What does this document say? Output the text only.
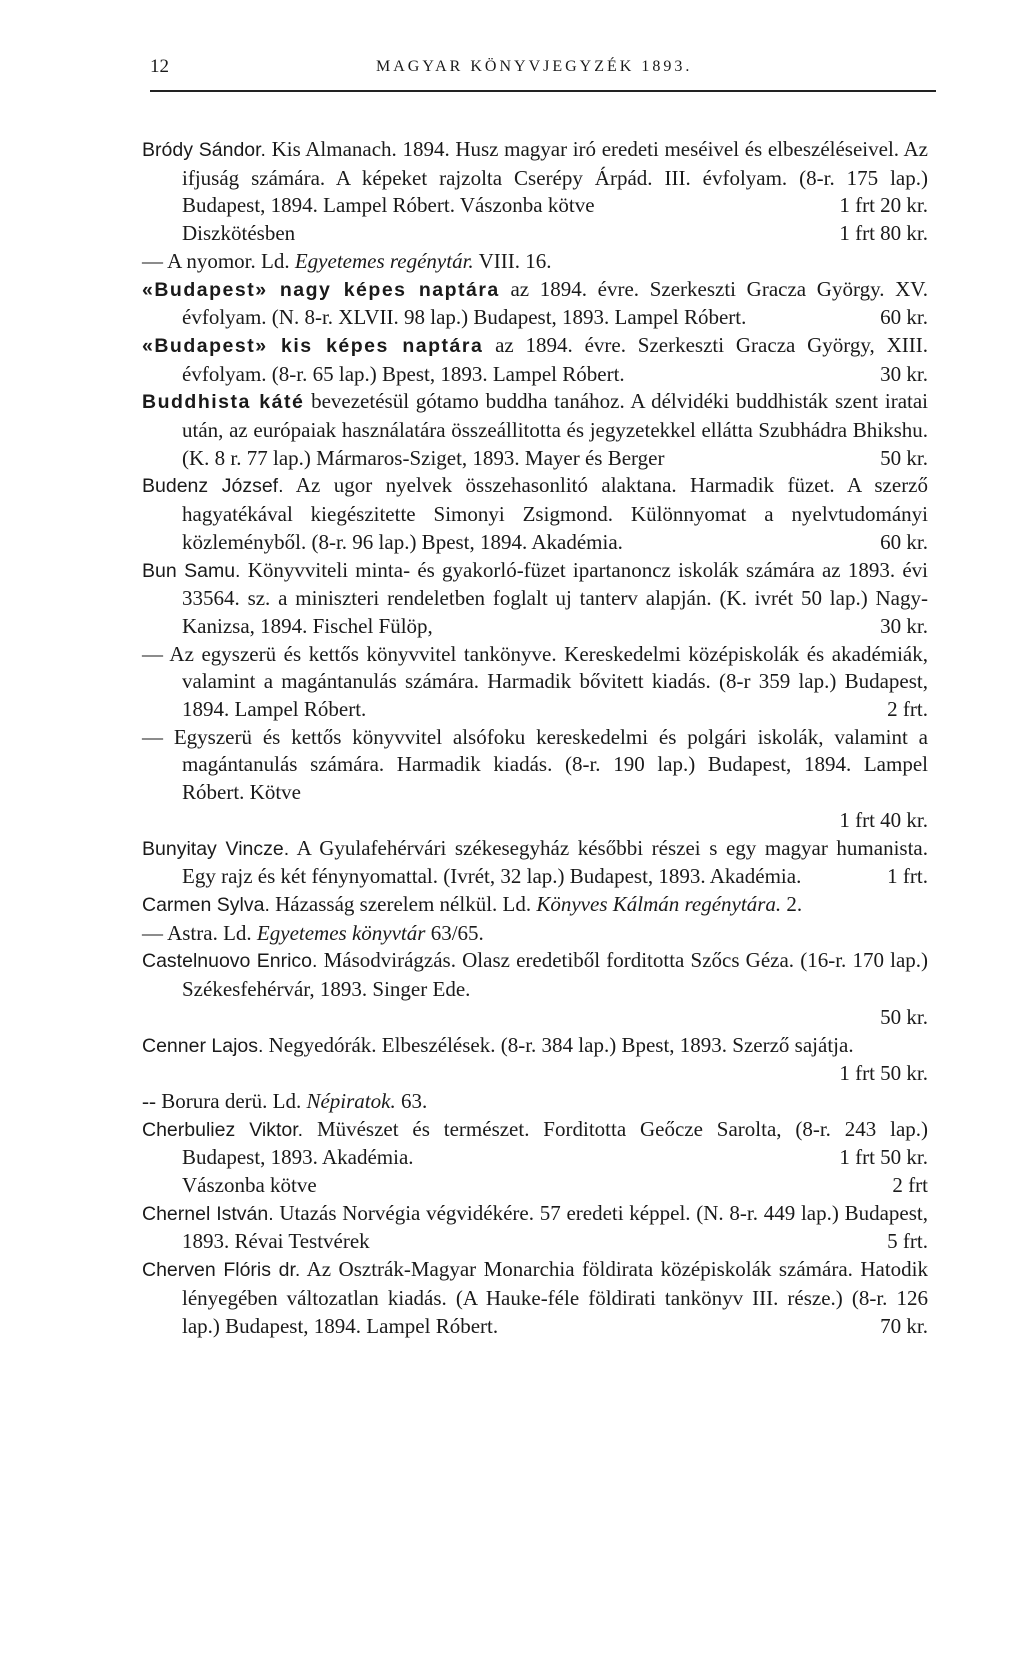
12	MAGYAR KÖNYVJEGYZÉK 1893.

Bródy Sándor. Kis Almanach. 1894. Husz magyar iró eredeti meséivel és elbeszéléseivel. Az ifjuság számára. A képeket rajzolta Cserépy Árpád. III. évfolyam. (8-r. 175 lap.) Budapest, 1894. Lampel Róbert. Vászonba kötve	1 frt 20 kr.

Diszkötésben	1 frt 80 kr.

— A nyomor. Ld. Egyetemes regénytár. VIII. 16.

«Budapest» nagy képes naptára az 1894. évre. Szerkeszti Gracza György. XV. évfolyam. (N. 8-r. XLVII. 98 lap.) Budapest, 1893. Lampel Róbert.	60 kr.

«Budapest» kis képes naptára az 1894. évre. Szerkeszti Gracza György, XIII. évfolyam. (8-r. 65 lap.) Bpest, 1893. Lampel Róbert.	30 kr.

Buddhista káté bevezetésül gótamo buddha tanához. A délvidéki buddhisták szent iratai után, az európaiak használatára összeállitotta és jegyzetekkel ellátta Szubhádra Bhikshu. (K. 8 r. 77 lap.) Mármaros-Sziget, 1893. Mayer és Berger	50 kr.

Budenz József. Az ugor nyelvek összehasonlitó alaktana. Harmadik füzet. A szerző hagyatékával kiegészitette Simonyi Zsigmond. Különnyomat a nyelvtudományi közleményből. (8-r. 96 lap.) Bpest, 1894. Akadémia.	60 kr.

Bun Samu. Könyvviteli minta- és gyakorló-füzet ipartanoncz iskolák számára az 1893. évi 33564. sz. a miniszteri rendeletben foglalt uj tanterv alapján. (K. ivrét 50 lap.) Nagy-Kanizsa, 1894. Fischel Fülöp,	30 kr.

— Az egyszerü és kettős könyvvitel tankönyve. Kereskedelmi középiskolák és akadémiák, valamint a magántanulás számára. Harmadik bővitett kiadás. (8-r 359 lap.) Budapest, 1894. Lampel Róbert.	2 frt.

— Egyszerü és kettős könyvvitel alsófoku kereskedelmi és polgári iskolák, valamint a magántanulás számára. Harmadik kiadás. (8-r. 190 lap.) Budapest, 1894. Lampel Róbert. Kötve
1 frt 40 kr.

Bunyitay Vincze. A Gyulafehérvári székesegyház későbbi részei s egy magyar humanista. Egy rajz és két fénynyomattal. (Ivrét, 32 lap.) Budapest, 1893. Akadémia.	1 frt.

Carmen Sylva. Házasság szerelem nélkül. Ld. Könyves Kálmán regénytára. 2.

— Astra. Ld. Egyetemes könyvtár 63/65.

Castelnuovo Enrico. Másodvirágzás. Olasz eredetiből forditotta Szőcs Géza. (16-r. 170 lap.) Székesfehérvár, 1893. Singer Ede.
50 kr.

Cenner Lajos. Negyedórák. Elbeszélések. (8-r. 384 lap.) Bpest, 1893. Szerző sajátja.
1 frt 50 kr.

-- Borura derü. Ld. Népiratok. 63.

Cherbuliez Viktor. Müvészet és természet. Forditotta Geőcze Sarolta, (8-r. 243 lap.) Budapest, 1893. Akadémia.	1 frt 50 kr.

Vászonba kötve	2 frt

Chernel István. Utazás Norvégia végvidékére. 57 eredeti képpel. (N. 8-r. 449 lap.) Budapest, 1893. Révai Testvérek	5 frt.

Cherven Flóris dr. Az Osztrák-Magyar Monarchia földirata középiskolák számára. Hatodik lényegében változatlan kiadás. (A Hauke-féle földirati tankönyv III. része.) (8-r. 126 lap.) Budapest, 1894. Lampel Róbert.	70 kr.
